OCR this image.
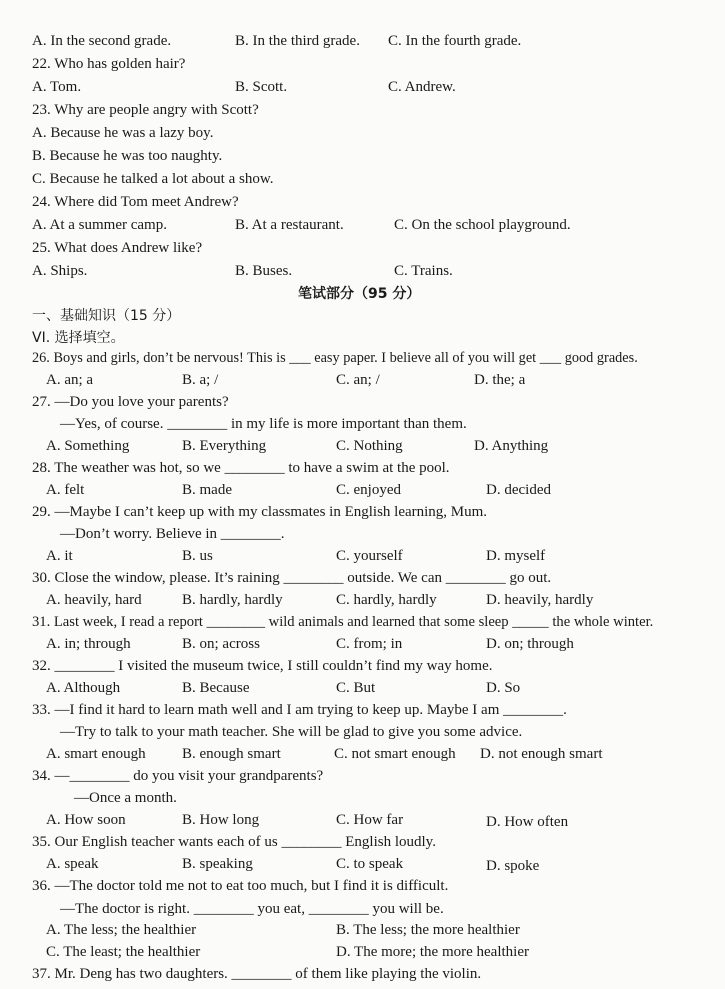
A. In the second grade.	B. In the third grade. C. In the fourth grade.
22. Who has golden hair?
A. Tom.	B. Scott.	C. Andrew.
23. Why are people angry with Scott?
A. Because he was a lazy boy.
B. Because he was too naughty.
C. Because he talked a lot about a show.
24. Where did Tom meet Andrew?
A. At a summer camp.	B. At a restaurant.	C. On the school playground.
25. What does Andrew like?
A. Ships.	B. Buses.	C. Trains.
笔试部分（95 分）
一、基础知识（15 分）
VI. 选择填空。
26. Boys and girls, don’t be nervous! This is ___ easy paper. I believe all of you will get ___ good grades.
A. an; a	B. a; /	C. an; /	D. the; a
27. —Do you love your parents?
—Yes, of course. ________ in my life is more important than them.
A. Something	B. Everything	C. Nothing	D. Anything
28. The weather was hot, so we ________ to have a swim at the pool.
A. felt	B. made	C. enjoyed	D. decided
29. —Maybe I can’t keep up with my classmates in English learning, Mum.
—Don’t worry. Believe in ________.
A. it	B. us	C. yourself	D. myself
30. Close the window, please. It’s raining ________ outside. We can ________ go out.
A. heavily, hard	B. hardly, hardly	C. hardly, hardly	D. heavily, hardly
31. Last week, I read a report ________ wild animals and learned that some sleep _____ the whole winter.
A. in; through	B. on; across	C. from; in	D. on; through
32. ________ I visited the museum twice, I still couldn’t find my way home.
A. Although	B. Because	C. But	D. So
33. —I find it hard to learn math well and I am trying to keep up. Maybe I am ________.
—Try to talk to your math teacher. She will be glad to give you some advice.
A. smart enough B. enough smart	C. not smart enough D. not enough smart
34. —________ do you visit your grandparents?
—Once a month.
A. How soon	B. How long	C. How far	D. How often
35. Our English teacher wants each of us ________ English loudly.
A. speak	B. speaking	C. to speak	D. spoke
36. —The doctor told me not to eat too much, but I find it is difficult.
—The doctor is right. ________ you eat, ________ you will be.
A. The less; the healthier	B. The less; the more healthier
C. The least; the healthier	D. The more; the more healthier
37. Mr. Deng has two daughters. ________ of them like playing the violin.
